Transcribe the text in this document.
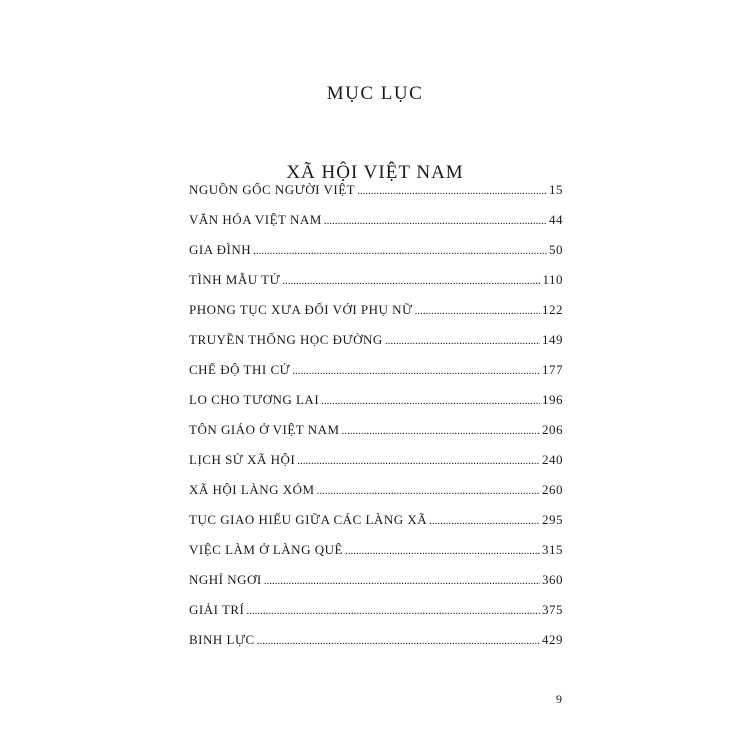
MỤC LỤC
XÃ HỘI VIỆT NAM
NGUỒN GỐC NGƯỜI VIỆT .....	15
VĂN HÓA VIỆT NAM .....	44
GIA ĐÌNH .....	50
TÌNH MẪU TỬ .....	110
PHONG TỤC XƯA ĐỐI VỚI PHỤ NỮ .....	122
TRUYỀN THỐNG HỌC ĐƯỜNG .....	149
CHẾ ĐỘ THI CỬ .....	177
LO CHO TƯƠNG LAI .....	196
TÔN GIÁO Ở VIỆT NAM .....	206
LỊCH SỬ XÃ HỘI .....	240
XÃ HỘI LÀNG XÓM .....	260
TỤC GIAO HIẾU GIỮA CÁC LÀNG XÃ .....	295
VIỆC LÀM Ở LÀNG QUÊ .....	315
NGHỈ NGƠI .....	360
GIẢI TRÍ .....	375
BINH LỰC .....	429
9
